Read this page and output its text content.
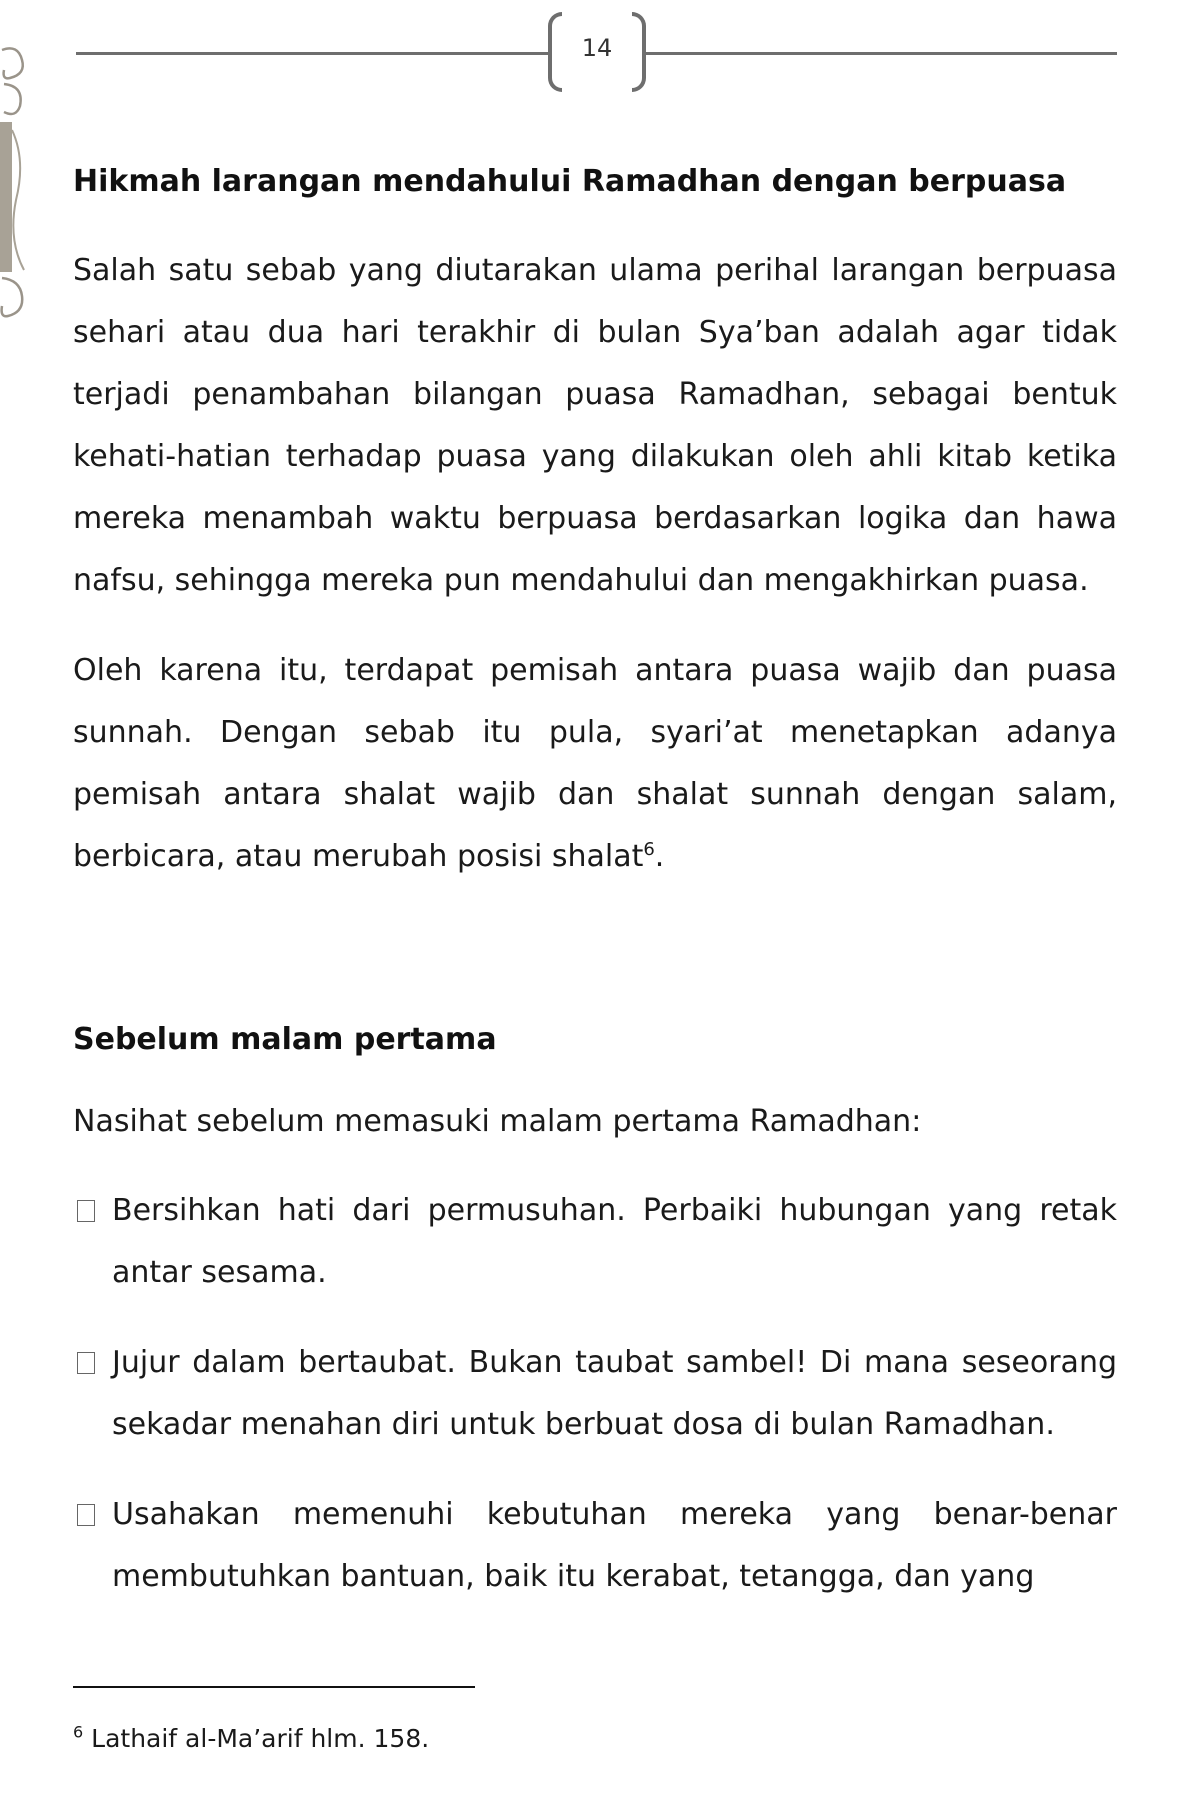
14
Hikmah larangan mendahului Ramadhan dengan berpuasa
Salah satu sebab yang diutarakan ulama perihal larangan berpuasa sehari atau dua hari terakhir di bulan Sya’ban adalah agar tidak terjadi penambahan bilangan puasa Ramadhan, sebagai bentuk kehati-hatian terhadap puasa yang dilakukan oleh ahli kitab ketika mereka menambah waktu berpuasa berdasarkan logika dan hawa nafsu, sehingga mereka pun mendahului dan mengakhirkan puasa.
Oleh karena itu, terdapat pemisah antara puasa wajib dan puasa sunnah. Dengan sebab itu pula, syari’at menetapkan adanya pemisah antara shalat wajib dan shalat sunnah dengan salam, berbicara, atau merubah posisi shalat$^6$.
Sebelum malam pertama
Nasihat sebelum memasuki malam pertama Ramadhan:
Bersihkan hati dari permusuhan. Perbaiki hubungan yang retak antar sesama.
Jujur dalam bertaubat. Bukan taubat sambel! Di mana seseorang sekadar menahan diri untuk berbuat dosa di bulan Ramadhan.
Usahakan memenuhi kebutuhan mereka yang benar-benar membutuhkan bantuan, baik itu kerabat, tetangga, dan yang
$^6$ Lathaif al-Ma’arif hlm. 158.
